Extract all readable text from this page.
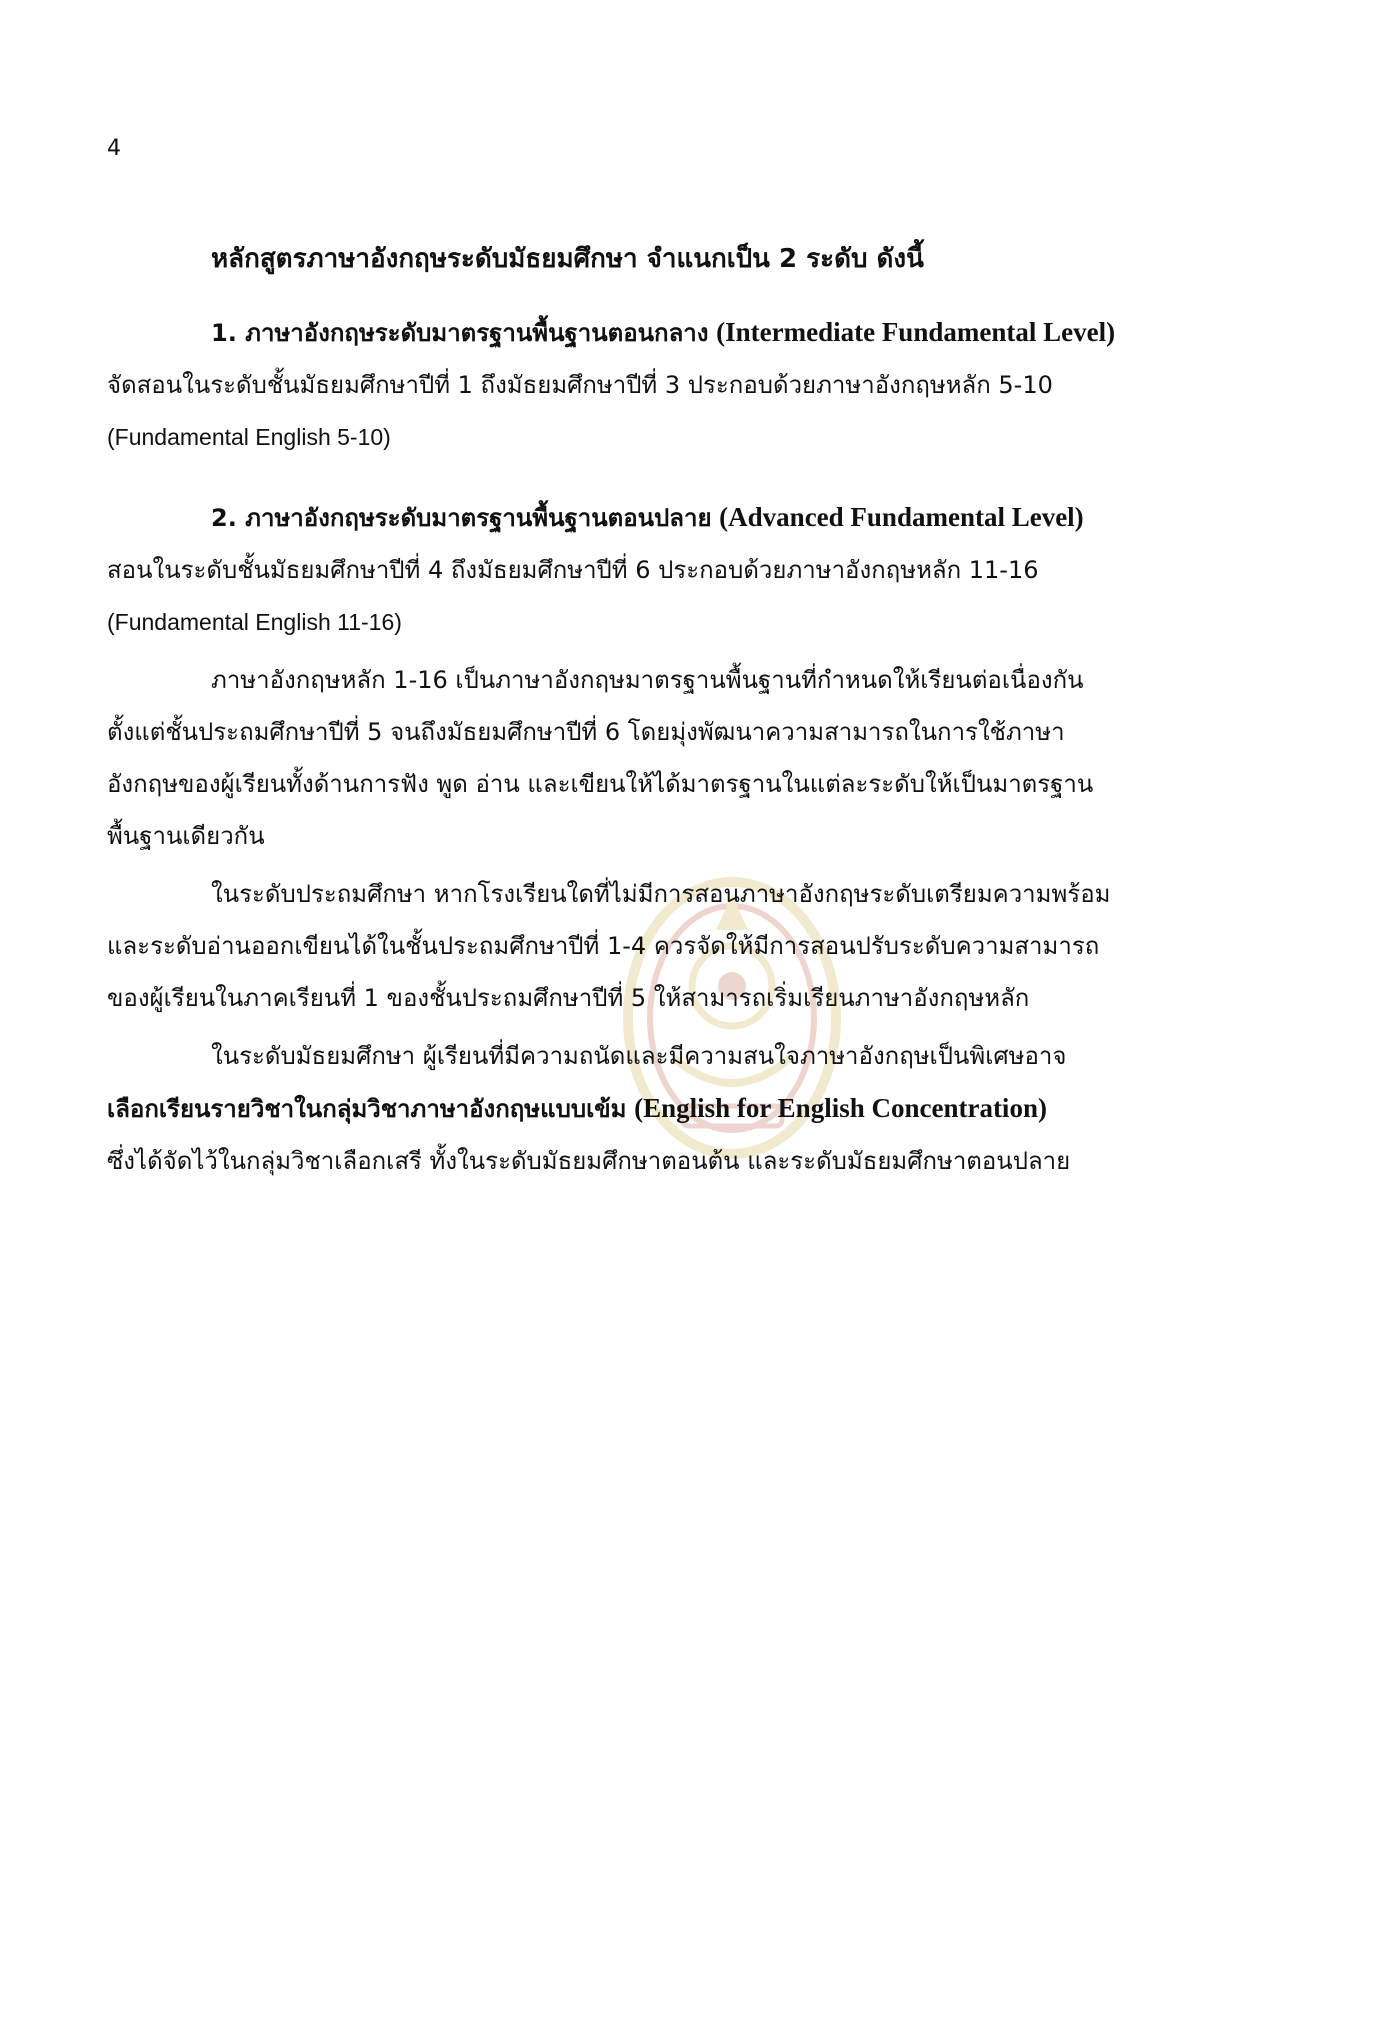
4
หลักสูตรภาษาอังกฤษระดับมัธยมศึกษา จำแนกเป็น 2 ระดับ ดังนี้
1. ภาษาอังกฤษระดับมาตรฐานพื้นฐานตอนกลาง (Intermediate Fundamental Level)
จัดสอนในระดับชั้นมัธยมศึกษาปีที่ 1 ถึงมัธยมศึกษาปีที่ 3 ประกอบด้วยภาษาอังกฤษหลัก 5-10
(Fundamental English 5-10)
2. ภาษาอังกฤษระดับมาตรฐานพื้นฐานตอนปลาย (Advanced Fundamental Level)
สอนในระดับชั้นมัธยมศึกษาปีที่ 4 ถึงมัธยมศึกษาปีที่ 6 ประกอบด้วยภาษาอังกฤษหลัก 11-16
(Fundamental English 11-16)
ภาษาอังกฤษหลัก 1-16 เป็นภาษาอังกฤษมาตรฐานพื้นฐานที่กำหนดให้เรียนต่อเนื่องกัน
ตั้งแต่ชั้นประถมศึกษาปีที่ 5 จนถึงมัธยมศึกษาปีที่ 6 โดยมุ่งพัฒนาความสามารถในการใช้ภาษา
อังกฤษของผู้เรียนทั้งด้านการฟัง พูด อ่าน และเขียนให้ได้มาตรฐานในแต่ละระดับให้เป็นมาตรฐาน
พื้นฐานเดียวกัน
ในระดับประถมศึกษา หากโรงเรียนใดที่ไม่มีการสอนภาษาอังกฤษระดับเตรียมความพร้อม
และระดับอ่านออกเขียนได้ในชั้นประถมศึกษาปีที่ 1-4 ควรจัดให้มีการสอนปรับระดับความสามารถ
ของผู้เรียนในภาคเรียนที่ 1 ของชั้นประถมศึกษาปีที่ 5 ให้สามารถเริ่มเรียนภาษาอังกฤษหลัก
ในระดับมัธยมศึกษา ผู้เรียนที่มีความถนัดและมีความสนใจภาษาอังกฤษเป็นพิเศษอาจ
เลือกเรียนรายวิชาในกลุ่มวิชาภาษาอังกฤษแบบเข้ม (English for English Concentration)
ซึ่งได้จัดไว้ในกลุ่มวิชาเลือกเสรี ทั้งในระดับมัธยมศึกษาตอนต้น และระดับมัธยมศึกษาตอนปลาย
